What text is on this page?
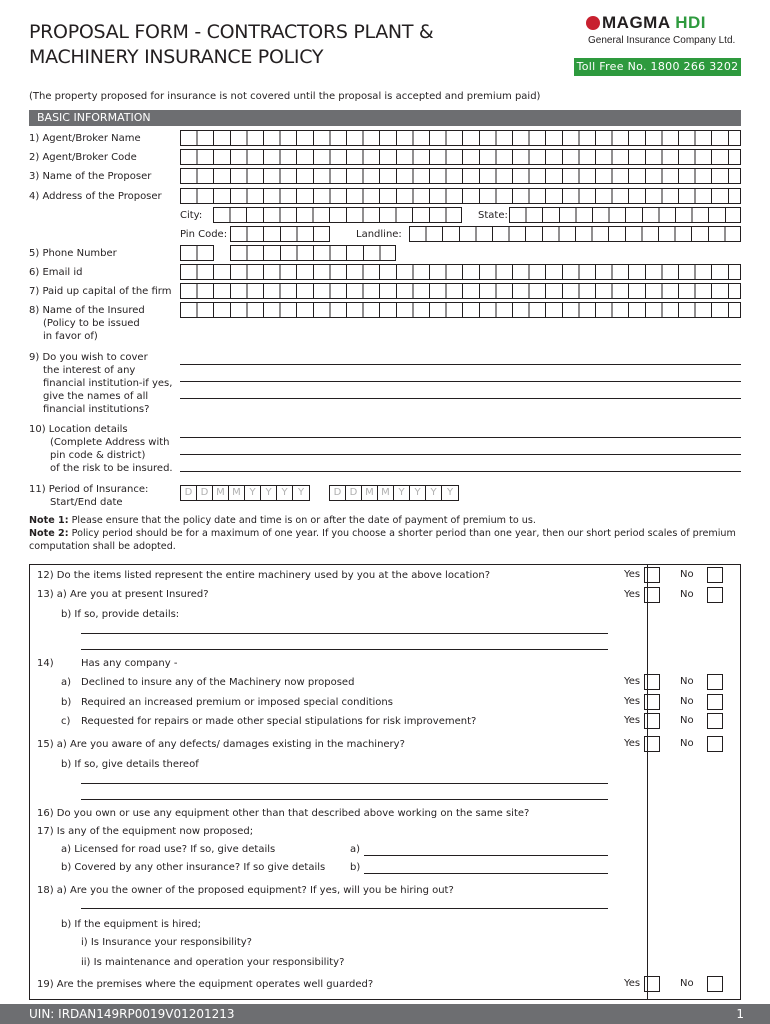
PROPOSAL FORM - CONTRACTORS PLANT &
MACHINERY INSURANCE POLICY
MAGMA HDI
General Insurance Company Ltd.
Toll Free No. 1800 266 3202
(The property proposed for insurance is not covered until the proposal is accepted and premium paid)
BASIC INFORMATION
1) Agent/Broker Name
2) Agent/Broker Code
3) Name of the Proposer
4) Address of the Proposer
City:	State:
Pin Code:	Landline:
5) Phone Number
6) Email id
7) Paid up capital of the firm
8) Name of the Insured
(Policy to be issued
in favor of)
9) Do you wish to cover
the interest of any
financial institution-if yes,
give the names of all
financial institutions?
10) Location details
(Complete Address with
pin code & district)
of the risk to be insured.
11) Period of Insurance:
Start/End date
D D M M Y Y Y	Y	D D M M Y Y Y	Y
Note 1: Please ensure that the policy date and time is on or after the date of payment of premium to us.
Note 2: Policy period should be for a maximum of one year. If you choose a shorter period than one year, then our short period scales of premium computation shall be adopted.
12) Do the items listed represent the entire machinery used by you at the above location?	Yes	No
13) a) Are you at present Insured?	Yes	No
b) If so, provide details:
14)	Has any company -
a) Declined to insure any of the Machinery now proposed	Yes	No
b) Required an increased premium or imposed special conditions	Yes	No
c) Requested for repairs or made other special stipulations for risk improvement?	Yes	No
15) a) Are you aware of any defects/ damages existing in the machinery?	Yes	No
b) If so, give details thereof
16) Do you own or use any equipment other than that described above working on the same site?
17) Is any of the equipment now proposed;
a) Licensed for road use? If so, give details	a)
b) Covered by any other insurance? If so give details b)
18) a) Are you the owner of the proposed equipment? If yes, will you be hiring out?
b) If the equipment is hired;
i) Is Insurance your responsibility?
ii) Is maintenance and operation your responsibility?
19) Are the premises where the equipment operates well guarded?	Yes	No
UIN: IRDAN149RP0019V01201213	1
